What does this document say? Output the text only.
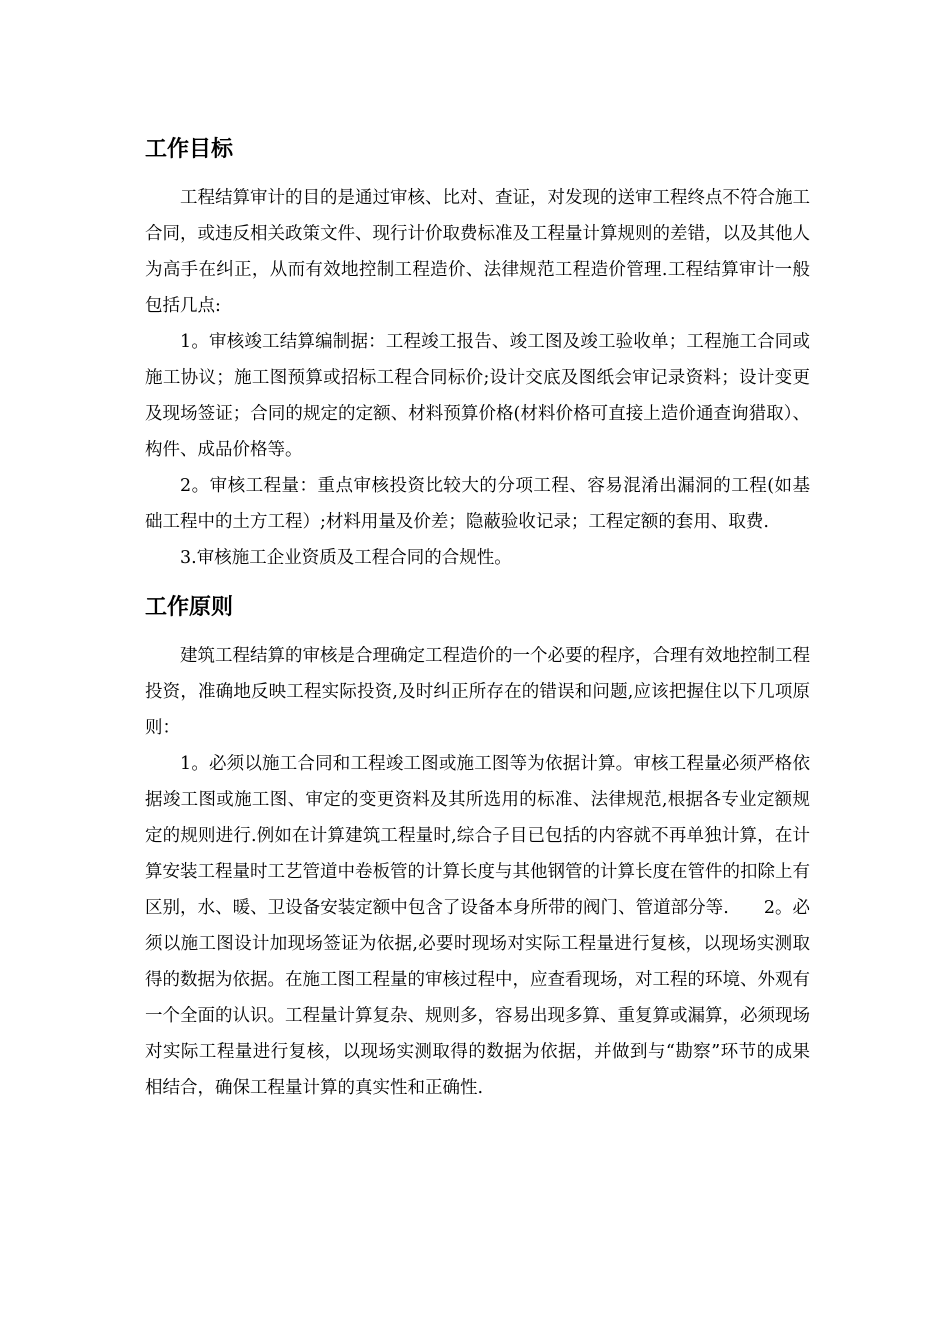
工作目标

工程结算审计的目的是通过审核、比对、查证，对发现的送审工程终点不符合施工合同，或违反相关政策文件、现行计价取费标准及工程量计算规则的差错，以及其他人为高手在纠正，从而有效地控制工程造价、法律规范工程造价管理.工程结算审计一般包括几点:

1。审核竣工结算编制据：工程竣工报告、竣工图及竣工验收单；工程施工合同或施工协议；施工图预算或招标工程合同标价;设计交底及图纸会审记录资料；设计变更及现场签证；合同的规定的定额、材料预算价格(材料价格可直接上造价通查询猎取）、构件、成品价格等。

2。审核工程量：重点审核投资比较大的分项工程、容易混淆出漏洞的工程(如基础工程中的土方工程）;材料用量及价差；隐蔽验收记录；工程定额的套用、取费.

3.审核施工企业资质及工程合同的合规性。

工作原则

建筑工程结算的审核是合理确定工程造价的一个必要的程序，合理有效地控制工程投资，准确地反映工程实际投资,及时纠正所存在的错误和问题,应该把握住以下几项原则：

1。必须以施工合同和工程竣工图或施工图等为依据计算。审核工程量必须严格依据竣工图或施工图、审定的变更资料及其所选用的标准、法律规范,根据各专业定额规定的规则进行.例如在计算建筑工程量时,综合子目已包括的内容就不再单独计算，在计算安装工程量时工艺管道中卷板管的计算长度与其他钢管的计算长度在管件的扣除上有区别，水、暖、卫设备安装定额中包含了设备本身所带的阀门、管道部分等.　　2。必须以施工图设计加现场签证为依据,必要时现场对实际工程量进行复核，以现场实测取得的数据为依据。在施工图工程量的审核过程中，应查看现场，对工程的环境、外观有一个全面的认识。工程量计算复杂、规则多，容易出现多算、重复算或漏算，必须现场对实际工程量进行复核，以现场实测取得的数据为依据，并做到与“勘察”环节的成果相结合，确保工程量计算的真实性和正确性.
